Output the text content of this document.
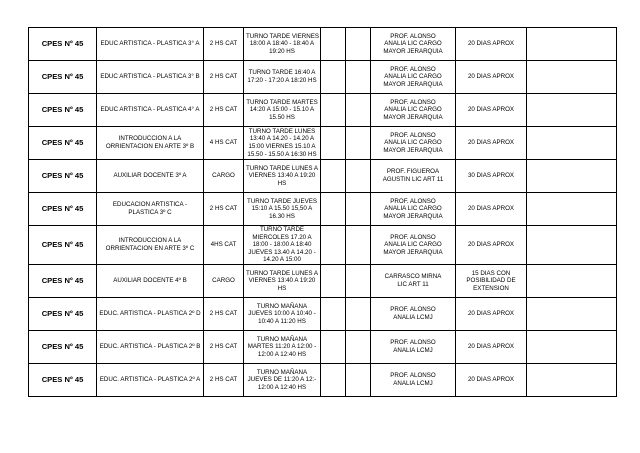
CPES Nº 45	EDUC ARTISTICA - PLASTICA 3° A	2 HS CAT	TURNO TARDE VIERNES
18:00 A 18:40 - 18:40 A
19:20 HS			PROF. ALONSO
ANALIA LIC CARGO
MAYOR JERARQUIA	20 DIAS APROX	

CPES Nº 45	EDUC ARTISTICA - PLASTICA 3° B	2 HS CAT	TURNO TARDE 16:40 A
17:20 - 17:20 A 18:20 HS			PROF. ALONSO
ANALIA LIC CARGO
MAYOR JERARQUIA	20 DIAS APROX	

CPES Nº 45	EDUC ARTISTICA - PLASTICA 4° A	2 HS CAT	TURNO TARDE MARTES
14:20 A 15:00 - 15.10 A
15.50 HS			PROF. ALONSO
ANALIA LIC CARGO
MAYOR JERARQUIA	20 DIAS APROX	

CPES Nº 45	INTRODUCCION A LA
ORRIENTACION EN ARTE 3º B	4 HS CAT	TURNO TARDE LUNES
13:40 A 14.20 - 14.20 A
15:00 VIERNES 15.10 A
15.50 - 15.50 A 16:30 HS			PROF. ALONSO
ANALIA LIC CARGO
MAYOR JERARQUIA	20 DIAS APROX	

CPES Nº 45	AUXILIAR DOCENTE 3º A	CARGO	TURNO TARDE LUNES A
VIERNES 13:40 A 19:20
HS			PROF. FIGUEROA
AGUSTIN LIC ART 11	30 DIAS APROX	

CPES Nº 45	EDUCACION ARTISTICA -
PLASTICA 3º C	2 HS CAT	TURNO TARDE JUEVES
15:10 A 15.50 15,50 A
16.30 HS			PROF. ALONSO
ANALIA LIC CARGO
MAYOR JERARQUIA	20 DIAS APROX	

CPES Nº 45	INTRODUCCION A LA
ORRIENTACION EN ARTE 3º C	4HS CAT	TURNO TARDE
MIERCOLES 17.20 A
18:00 - 18:00 A 18:40
JUEVES 13.40 A 14.20 -
14.20 A 15:00			PROF. ALONSO
ANALIA LIC CARGO
MAYOR JERARQUIA	20 DIAS APROX	

CPES Nº 45	AUXILIAR DOCENTE 4º B	CARGO	TURNO TARDE LUNES A
VIERNES 13:40 A 19:20
HS			CARRASCO MIRNA
LIC ART 11	15 DIAS CON
POSIBILIDAD DE
EXTENSION	

CPES Nº 45	EDUC. ARTISTICA - PLASTICA 2º D	2 HS CAT	TURNO MAÑANA
JUEVES 10:00 A 10:40 -
10:40 A 11:20 HS			PROF. ALONSO
ANALIA LCMJ	20 DIAS APROX	

CPES Nº 45	EDUC. ARTISTICA - PLASTICA 2º B	2 HS CAT	TURNO MAÑANA
MARTES 11:20 A 12:00 -
12:00 A 12:40 HS			PROF. ALONSO
ANALIA LCMJ	20 DIAS APROX	

CPES Nº 45	EDUC. ARTISTICA - PLASTICA 2º A	2 HS CAT	TURNO MAÑANA
JUEVES DE 11:20 A 12:-
12:00 A 12:40 HS			PROF. ALONSO
ANALIA LCMJ	20 DIAS APROX	
